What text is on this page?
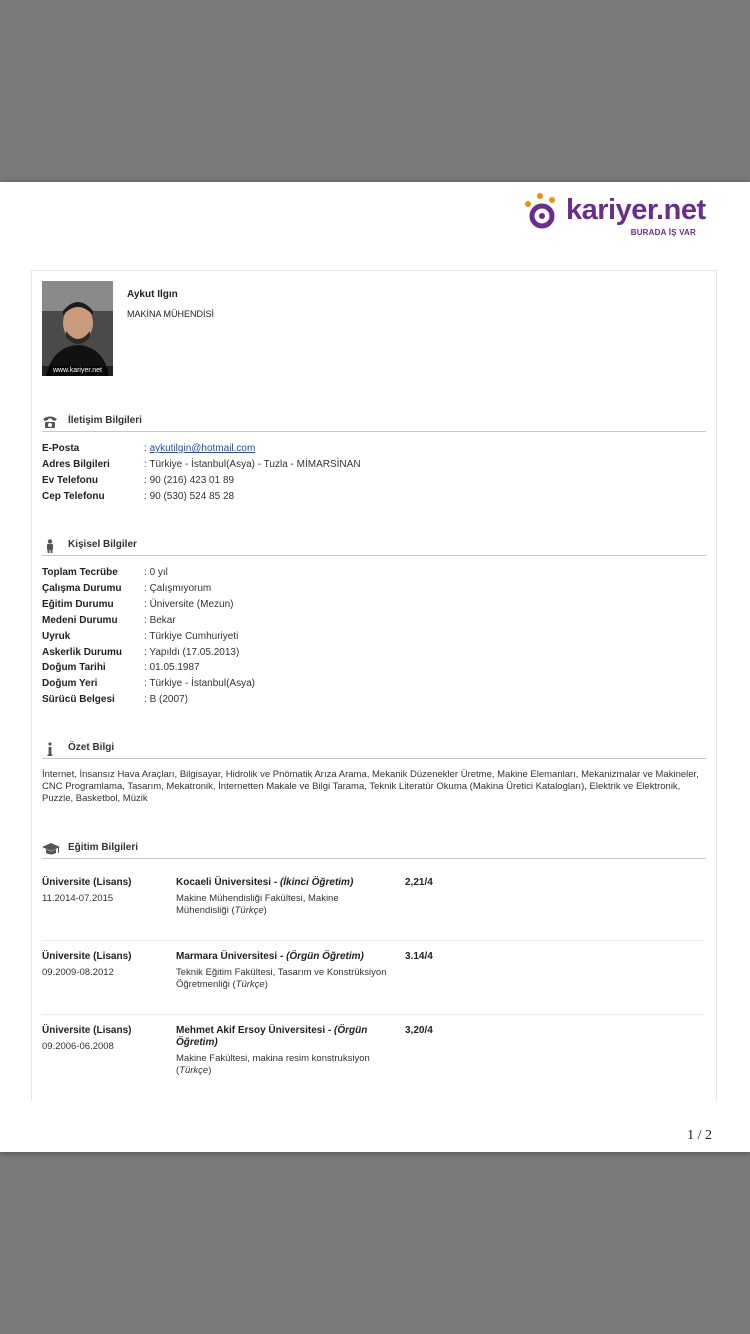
kariyer.net
BURADA İŞ VAR
www.kariyer.net
Aykut Ilgın
MAKİNA MÜHENDİSİ
İletişim Bilgileri
E-Posta	: aykutilgin@hotmail.com
Adres Bilgileri	: Türkiye - İstanbul(Asya) - Tuzla - MİMARSİNAN
Ev Telefonu	: 90 (216) 423 01 89
Cep Telefonu	: 90 (530) 524 85 28
Kişisel Bilgiler
Toplam Tecrübe	: 0 yıl
Çalışma Durumu	: Çalışmıyorum
Eğitim Durumu	: Üniversite (Mezun)
Medeni Durumu	: Bekar
Uyruk	: Türkiye Cumhuriyeti
Askerlik Durumu	: Yapıldı (17.05.2013)
Doğum Tarihi	: 01.05.1987
Doğum Yeri	: Türkiye - İstanbul(Asya)
Sürücü Belgesi	: B (2007)
Özet Bilgi
İnternet, İnsansız Hava Araçları, Bilgisayar, Hidrolik ve Pnömatik Arıza Arama, Mekanik Düzenekler Üretme, Makine Elemanları, Mekanizmalar ve Makineler, CNC Programlama, Tasarım, Mekatronik, İnternetten Makale ve Bilgi Tarama, Teknik Literatür Okuma (Makina Üretici Katalogları), Elektrik ve Elektronik, Puzzle, Basketbol, Müzik
Eğitim Bilgileri
Üniversite (Lisans)
11.2014-07.2015
Kocaeli Üniversitesi - (İkinci Öğretim)
Makine Mühendisliği Fakültesi, Makine Mühendisliği (Türkçe)
2,21/4
Üniversite (Lisans)
09.2009-08.2012
Marmara Üniversitesi - (Örgün Öğretim)
Teknik Eğitim Fakültesi, Tasarım ve Konstrüksiyon Öğretmenliği (Türkçe)
3.14/4
Üniversite (Lisans)
09.2006-06.2008
Mehmet Akif Ersoy Üniversitesi - (Örgün Öğretim)
Makine Fakültesi, makina resim konstruksiyon (Türkçe)
3,20/4
1 / 2
